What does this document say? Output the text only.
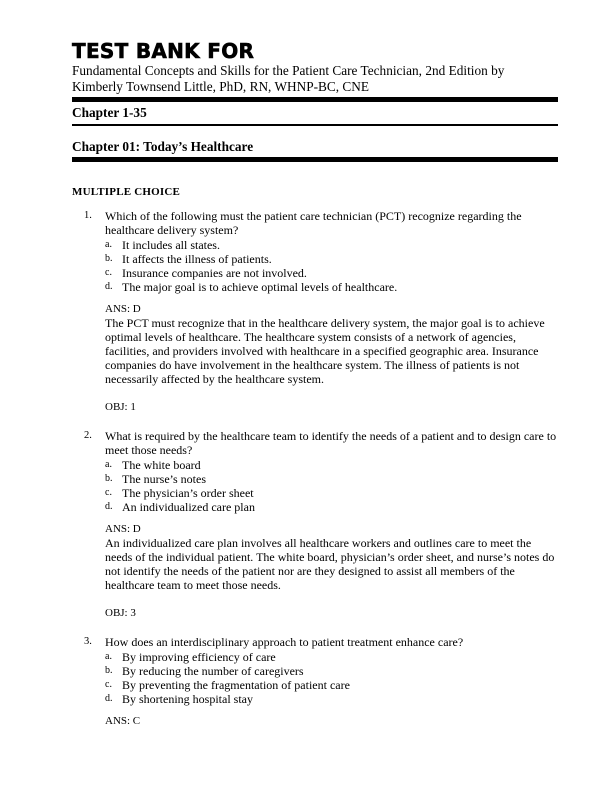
TEST BANK FOR
Fundamental Concepts and Skills for the Patient Care Technician, 2nd Edition by Kimberly Townsend Little, PhD, RN, WHNP-BC, CNE
Chapter 1-35
Chapter 01: Today’s Healthcare
MULTIPLE CHOICE
1. Which of the following must the patient care technician (PCT) recognize regarding the healthcare delivery system?
a. It includes all states.
b. It affects the illness of patients.
c. Insurance companies are not involved.
d. The major goal is to achieve optimal levels of healthcare.
ANS: D
The PCT must recognize that in the healthcare delivery system, the major goal is to achieve optimal levels of healthcare. The healthcare system consists of a network of agencies, facilities, and providers involved with healthcare in a specified geographic area. Insurance companies do have involvement in the healthcare system. The illness of patients is not necessarily affected by the healthcare system.
OBJ: 1
2. What is required by the healthcare team to identify the needs of a patient and to design care to meet those needs?
a. The white board
b. The nurse’s notes
c. The physician’s order sheet
d. An individualized care plan
ANS: D
An individualized care plan involves all healthcare workers and outlines care to meet the needs of the individual patient. The white board, physician’s order sheet, and nurse’s notes do not identify the needs of the patient nor are they designed to assist all members of the healthcare team to meet those needs.
OBJ: 3
3. How does an interdisciplinary approach to patient treatment enhance care?
a. By improving efficiency of care
b. By reducing the number of caregivers
c. By preventing the fragmentation of patient care
d. By shortening hospital stay
ANS: C
